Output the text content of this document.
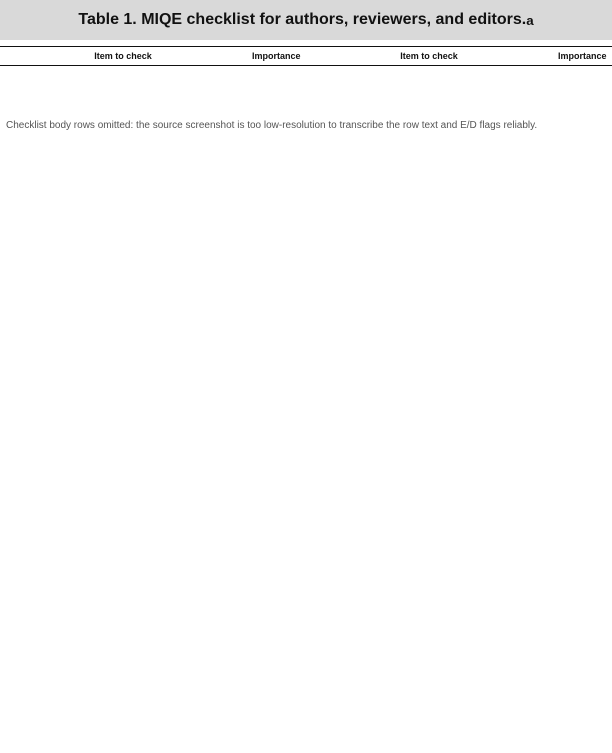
Table 1. MIQE checklist for authors, reviewers, and editors. a
Item to check	Importance	Item to check	Importance
Checklist body rows omitted: the source screenshot is too low-resolution to transcribe the row text and E/D flags reliably.
